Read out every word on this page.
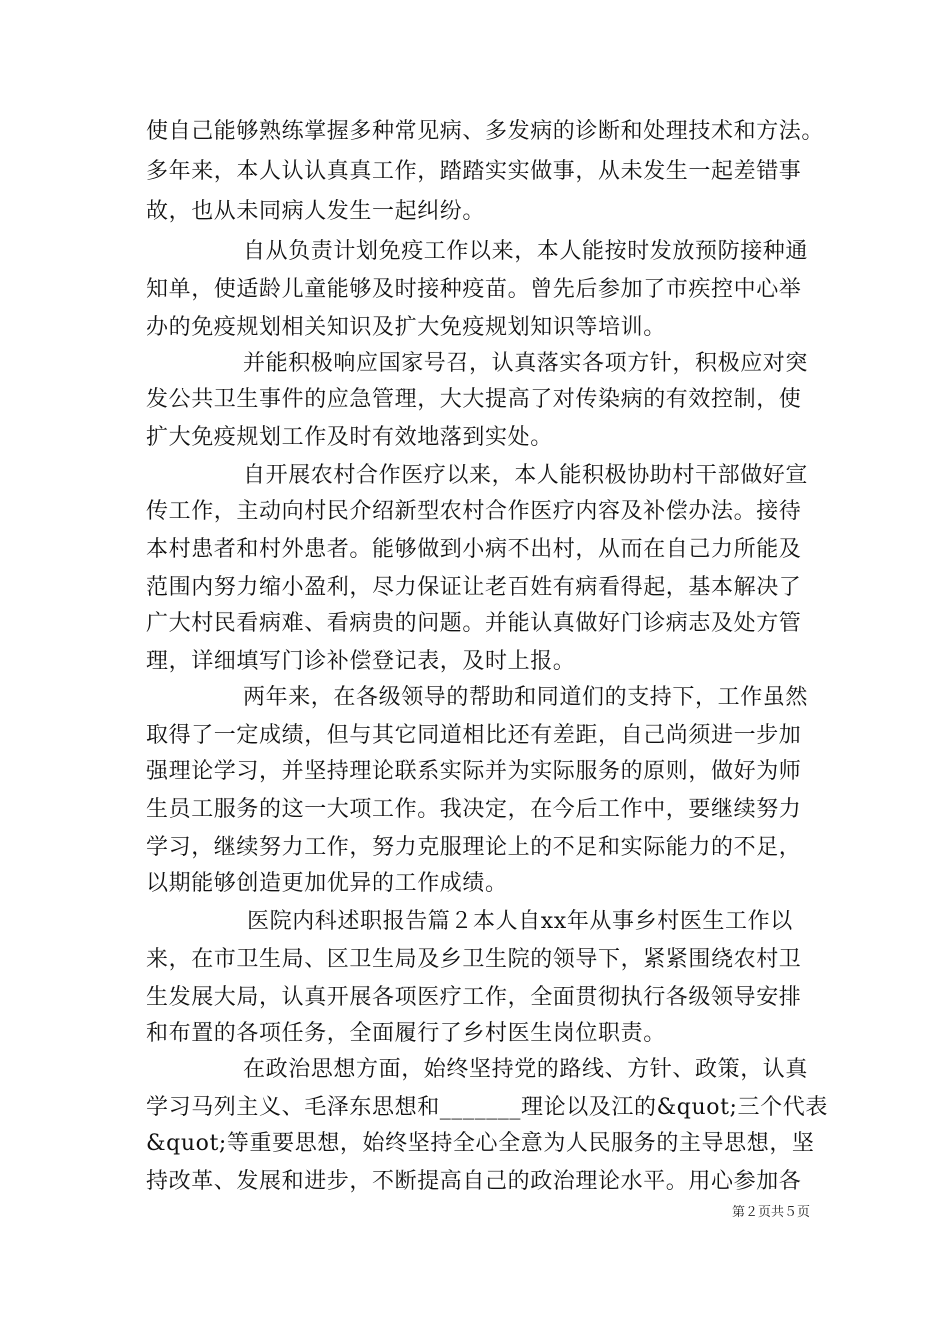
使自己能够熟练掌握多种常见病、多发病的诊断和处理技术和方法。
多年来，本人认认真真工作，踏踏实实做事，从未发生一起差错事
故，也从未同病人发生一起纠纷。
自从负责计划免疫工作以来，本人能按时发放预防接种通
知单，使适龄儿童能够及时接种疫苗。曾先后参加了市疾控中心举
办的免疫规划相关知识及扩大免疫规划知识等培训。
并能积极响应国家号召，认真落实各项方针，积极应对突
发公共卫生事件的应急管理，大大提高了对传染病的有效控制，使
扩大免疫规划工作及时有效地落到实处。
自开展农村合作医疗以来，本人能积极协助村干部做好宣
传工作，主动向村民介绍新型农村合作医疗内容及补偿办法。接待
本村患者和村外患者。能够做到小病不出村，从而在自己力所能及
范围内努力缩小盈利，尽力保证让老百姓有病看得起，基本解决了
广大村民看病难、看病贵的问题。并能认真做好门诊病志及处方管
理，详细填写门诊补偿登记表，及时上报。
两年来，在各级领导的帮助和同道们的支持下，工作虽然
取得了一定成绩，但与其它同道相比还有差距，自己尚须进一步加
强理论学习，并坚持理论联系实际并为实际服务的原则，做好为师
生员工服务的这一大项工作。我决定，在今后工作中，要继续努力
学习，继续努力工作，努力克服理论上的不足和实际能力的不足，
以期能够创造更加优异的工作成绩。
医院内科述职报告篇２本人自xx年从事乡村医生工作以
来，在市卫生局、区卫生局及乡卫生院的领导下，紧紧围绕农村卫
生发展大局，认真开展各项医疗工作，全面贯彻执行各级领导安排
和布置的各项任务，全面履行了乡村医生岗位职责。
在政治思想方面，始终坚持党的路线、方针、政策，认真
学习马列主义、毛泽东思想和_______理论以及江的&quot;三个代表
&quot;等重要思想，始终坚持全心全意为人民服务的主导思想，坚
持改革、发展和进步，不断提高自己的政治理论水平。用心参加各
第２页共５页
